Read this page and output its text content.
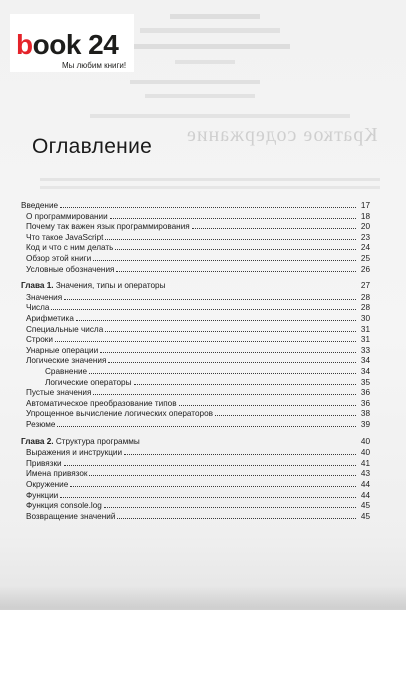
Краткое содержание
book 24
Мы любим книги!
Оглавление
Введение	17
О программировании	18
Почему так важен язык программирования	20
Что такое JavaScript	23
Код и что с ним делать	24
Обзор этой книги	25
Условные обозначения	26
Глава 1. Значения, типы и операторы	27
Значения	28
Числа	28
Арифметика	30
Специальные числа	31
Строки	31
Унарные операции	33
Логические значения	34
Сравнение	34
Логические операторы	35
Пустые значения	36
Автоматическое преобразование типов	36
Упрощенное вычисление логических операторов	38
Резюме	39
Глава 2. Структура программы	40
Выражения и инструкции	40
Привязки	41
Имена привязок	43
Окружение	44
Функции	44
Функция console.log	45
Возвращение значений	45
